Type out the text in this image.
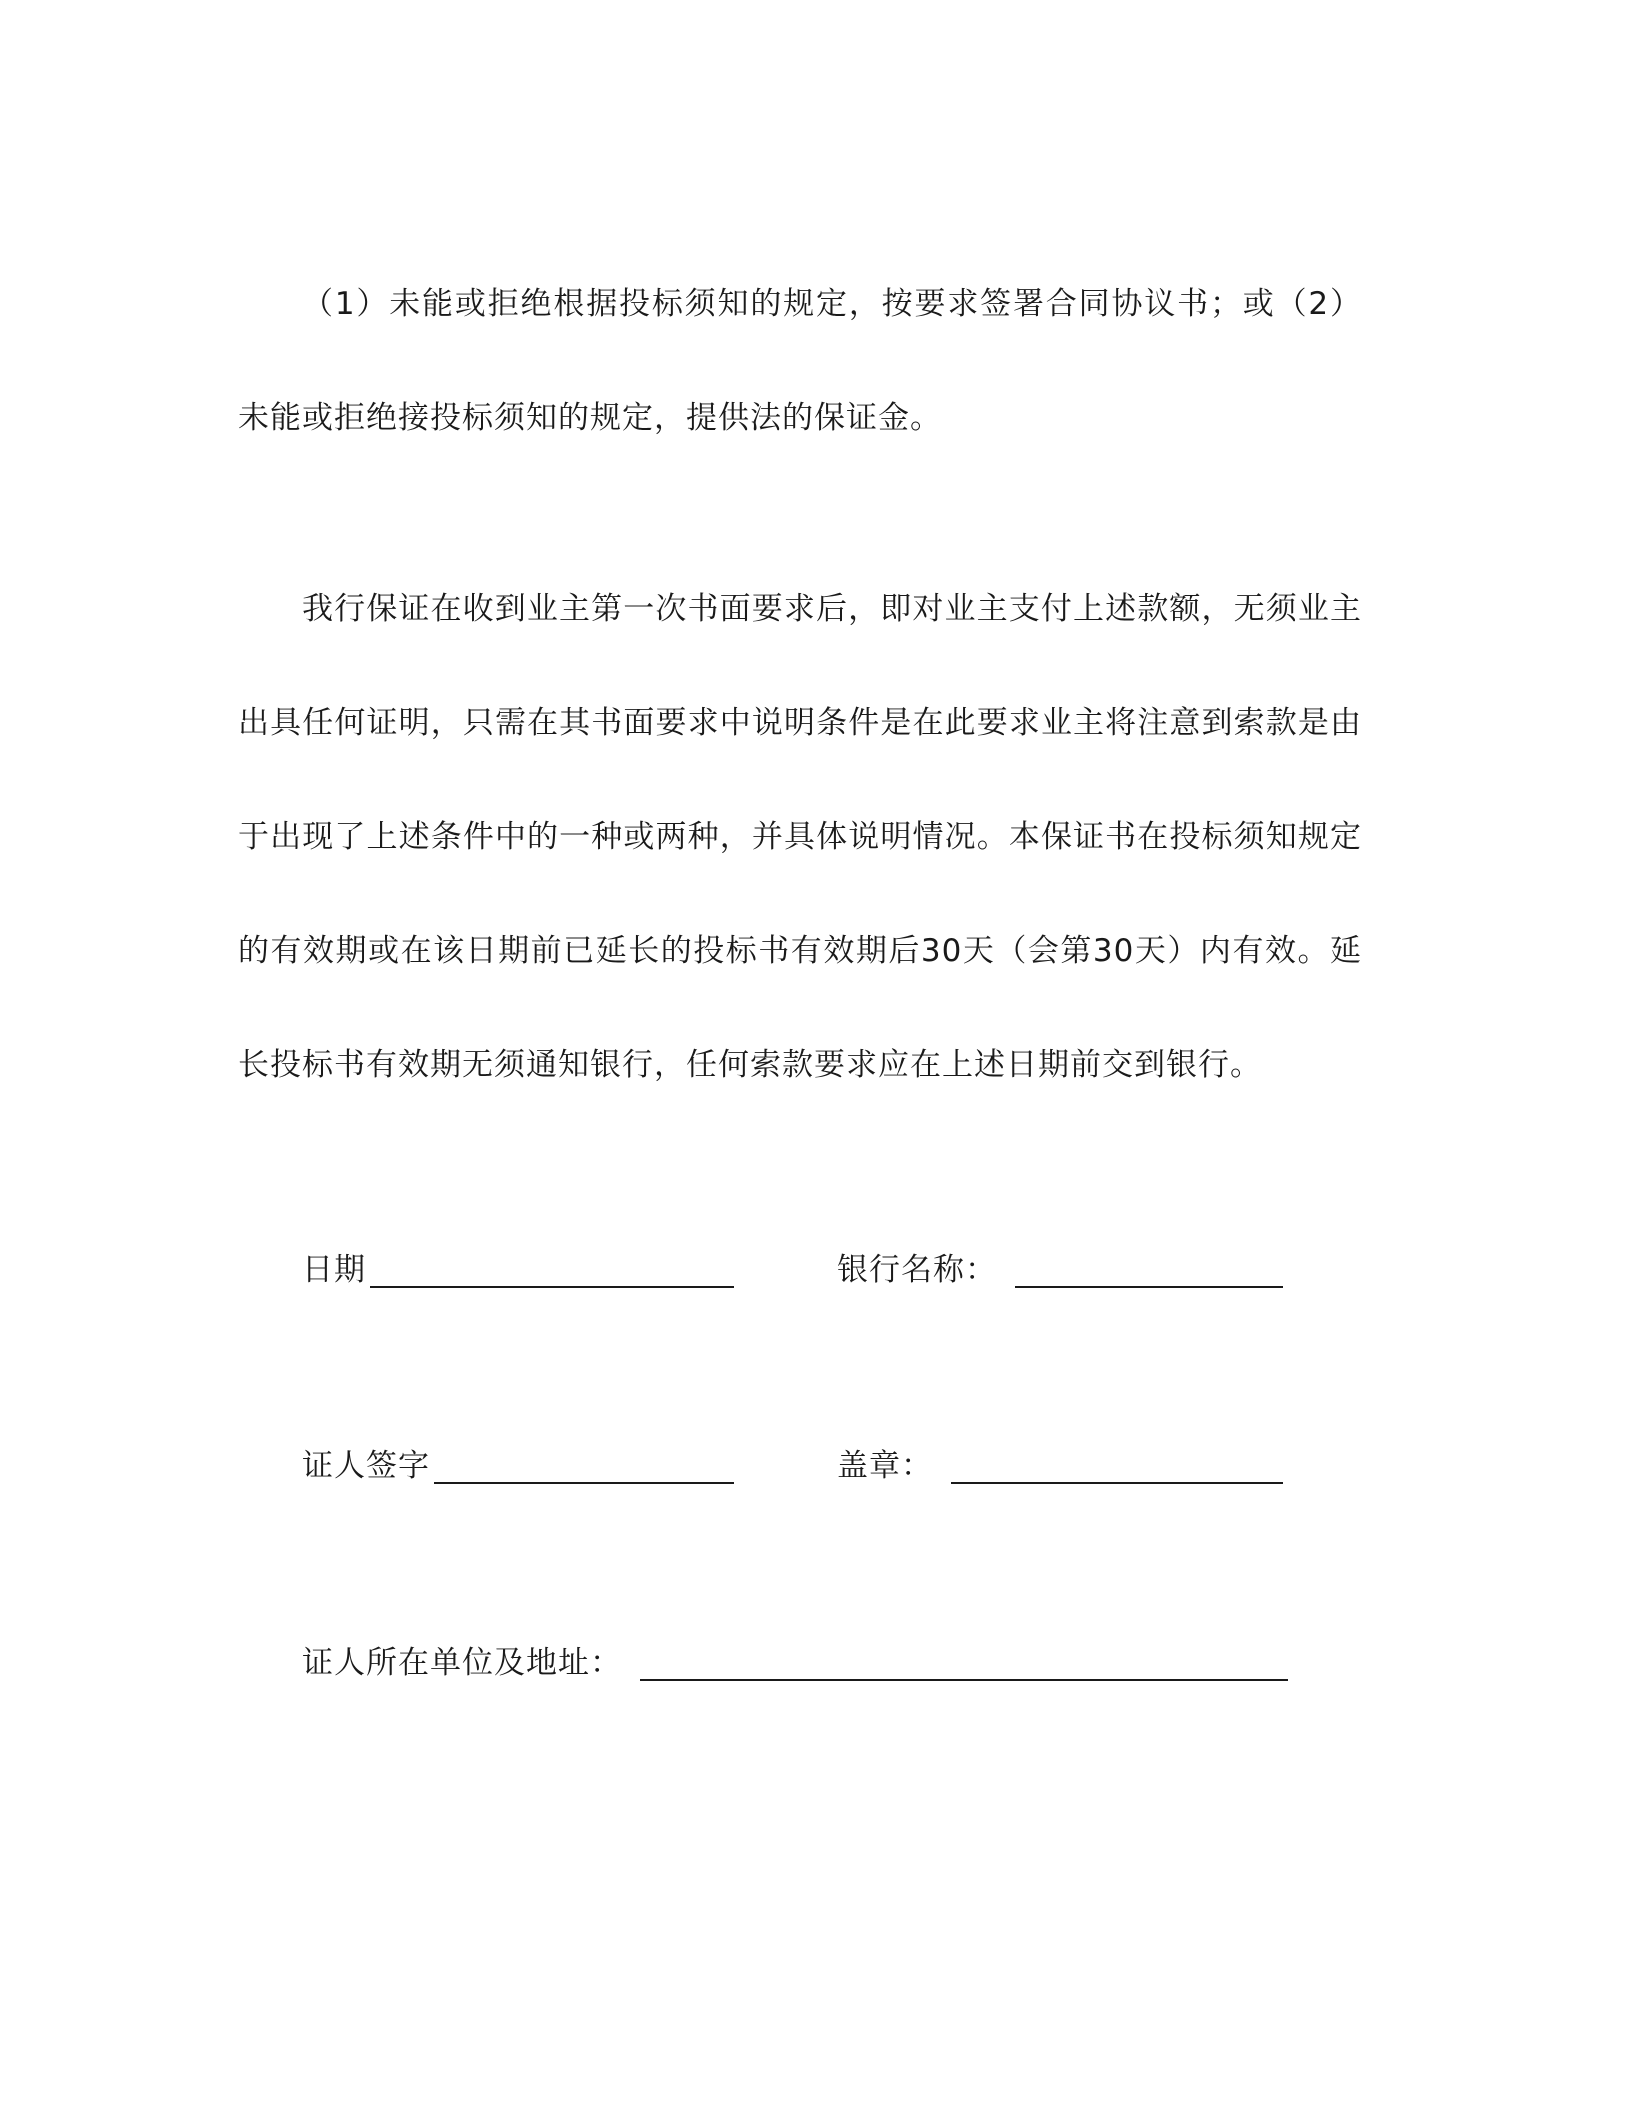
（1）未能或拒绝根据投标须知的规定，按要求签署合同协议书；或（2）未能或拒绝接投标须知的规定，提供法的保证金。

我行保证在收到业主第一次书面要求后，即对业主支付上述款额，无须业主出具任何证明，只需在其书面要求中说明条件是在此要求业主将注意到索款是由于出现了上述条件中的一种或两种，并具体说明情况。本保证书在投标须知规定的有效期或在该日期前已延长的投标书有效期后30天（会第30天）内有效。延长投标书有效期无须通知银行，任何索款要求应在上述日期前交到银行。

日期	银行名称：
证人签字	盖章：
证人所在单位及地址：
